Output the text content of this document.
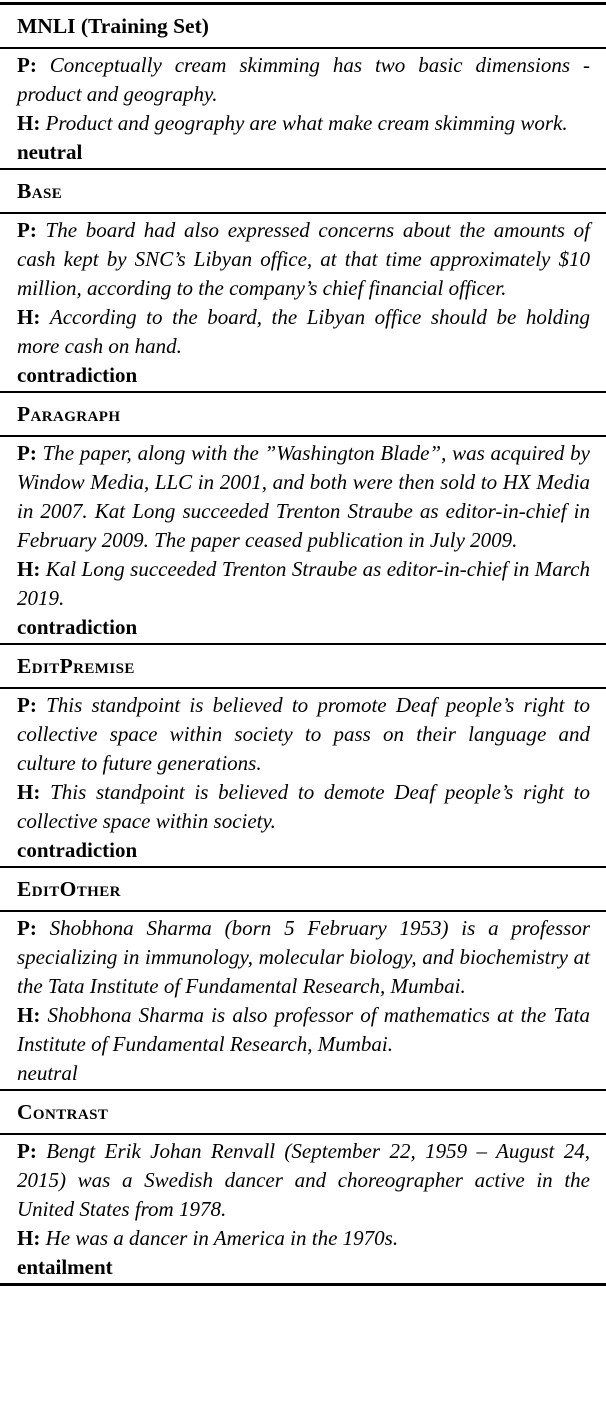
MNLI (Training Set)

P: Conceptually cream skimming has two basic dimensions - product and geography.

H: Product and geography are what make cream skimming work.

neutral

Base

P: The board had also expressed concerns about the amounts of cash kept by SNC’s Libyan office, at that time approximately $10 million, according to the company’s chief financial officer.

H: According to the board, the Libyan office should be holding more cash on hand.

contradiction

Paragraph

P: The paper, along with the ”Washington Blade”, was acquired by Window Media, LLC in 2001, and both were then sold to HX Media in 2007. Kat Long succeeded Trenton Straube as editor-in-chief in February 2009. The paper ceased publication in July 2009.

H: Kal Long succeeded Trenton Straube as editor-in-chief in March 2019.

contradiction

EditPremise

P: This standpoint is believed to promote Deaf people’s right to collective space within society to pass on their language and culture to future generations.

H: This standpoint is believed to demote Deaf people’s right to collective space within society.

contradiction

EditOther

P: Shobhona Sharma (born 5 February 1953) is a professor specializing in immunology, molecular biology, and biochemistry at the Tata Institute of Fundamental Research, Mumbai.

H: Shobhona Sharma is also professor of mathematics at the Tata Institute of Fundamental Research, Mumbai.

neutral

Contrast

P: Bengt Erik Johan Renvall (September 22, 1959 – August 24, 2015) was a Swedish dancer and choreographer active in the United States from 1978.

H: He was a dancer in America in the 1970s.

entailment
